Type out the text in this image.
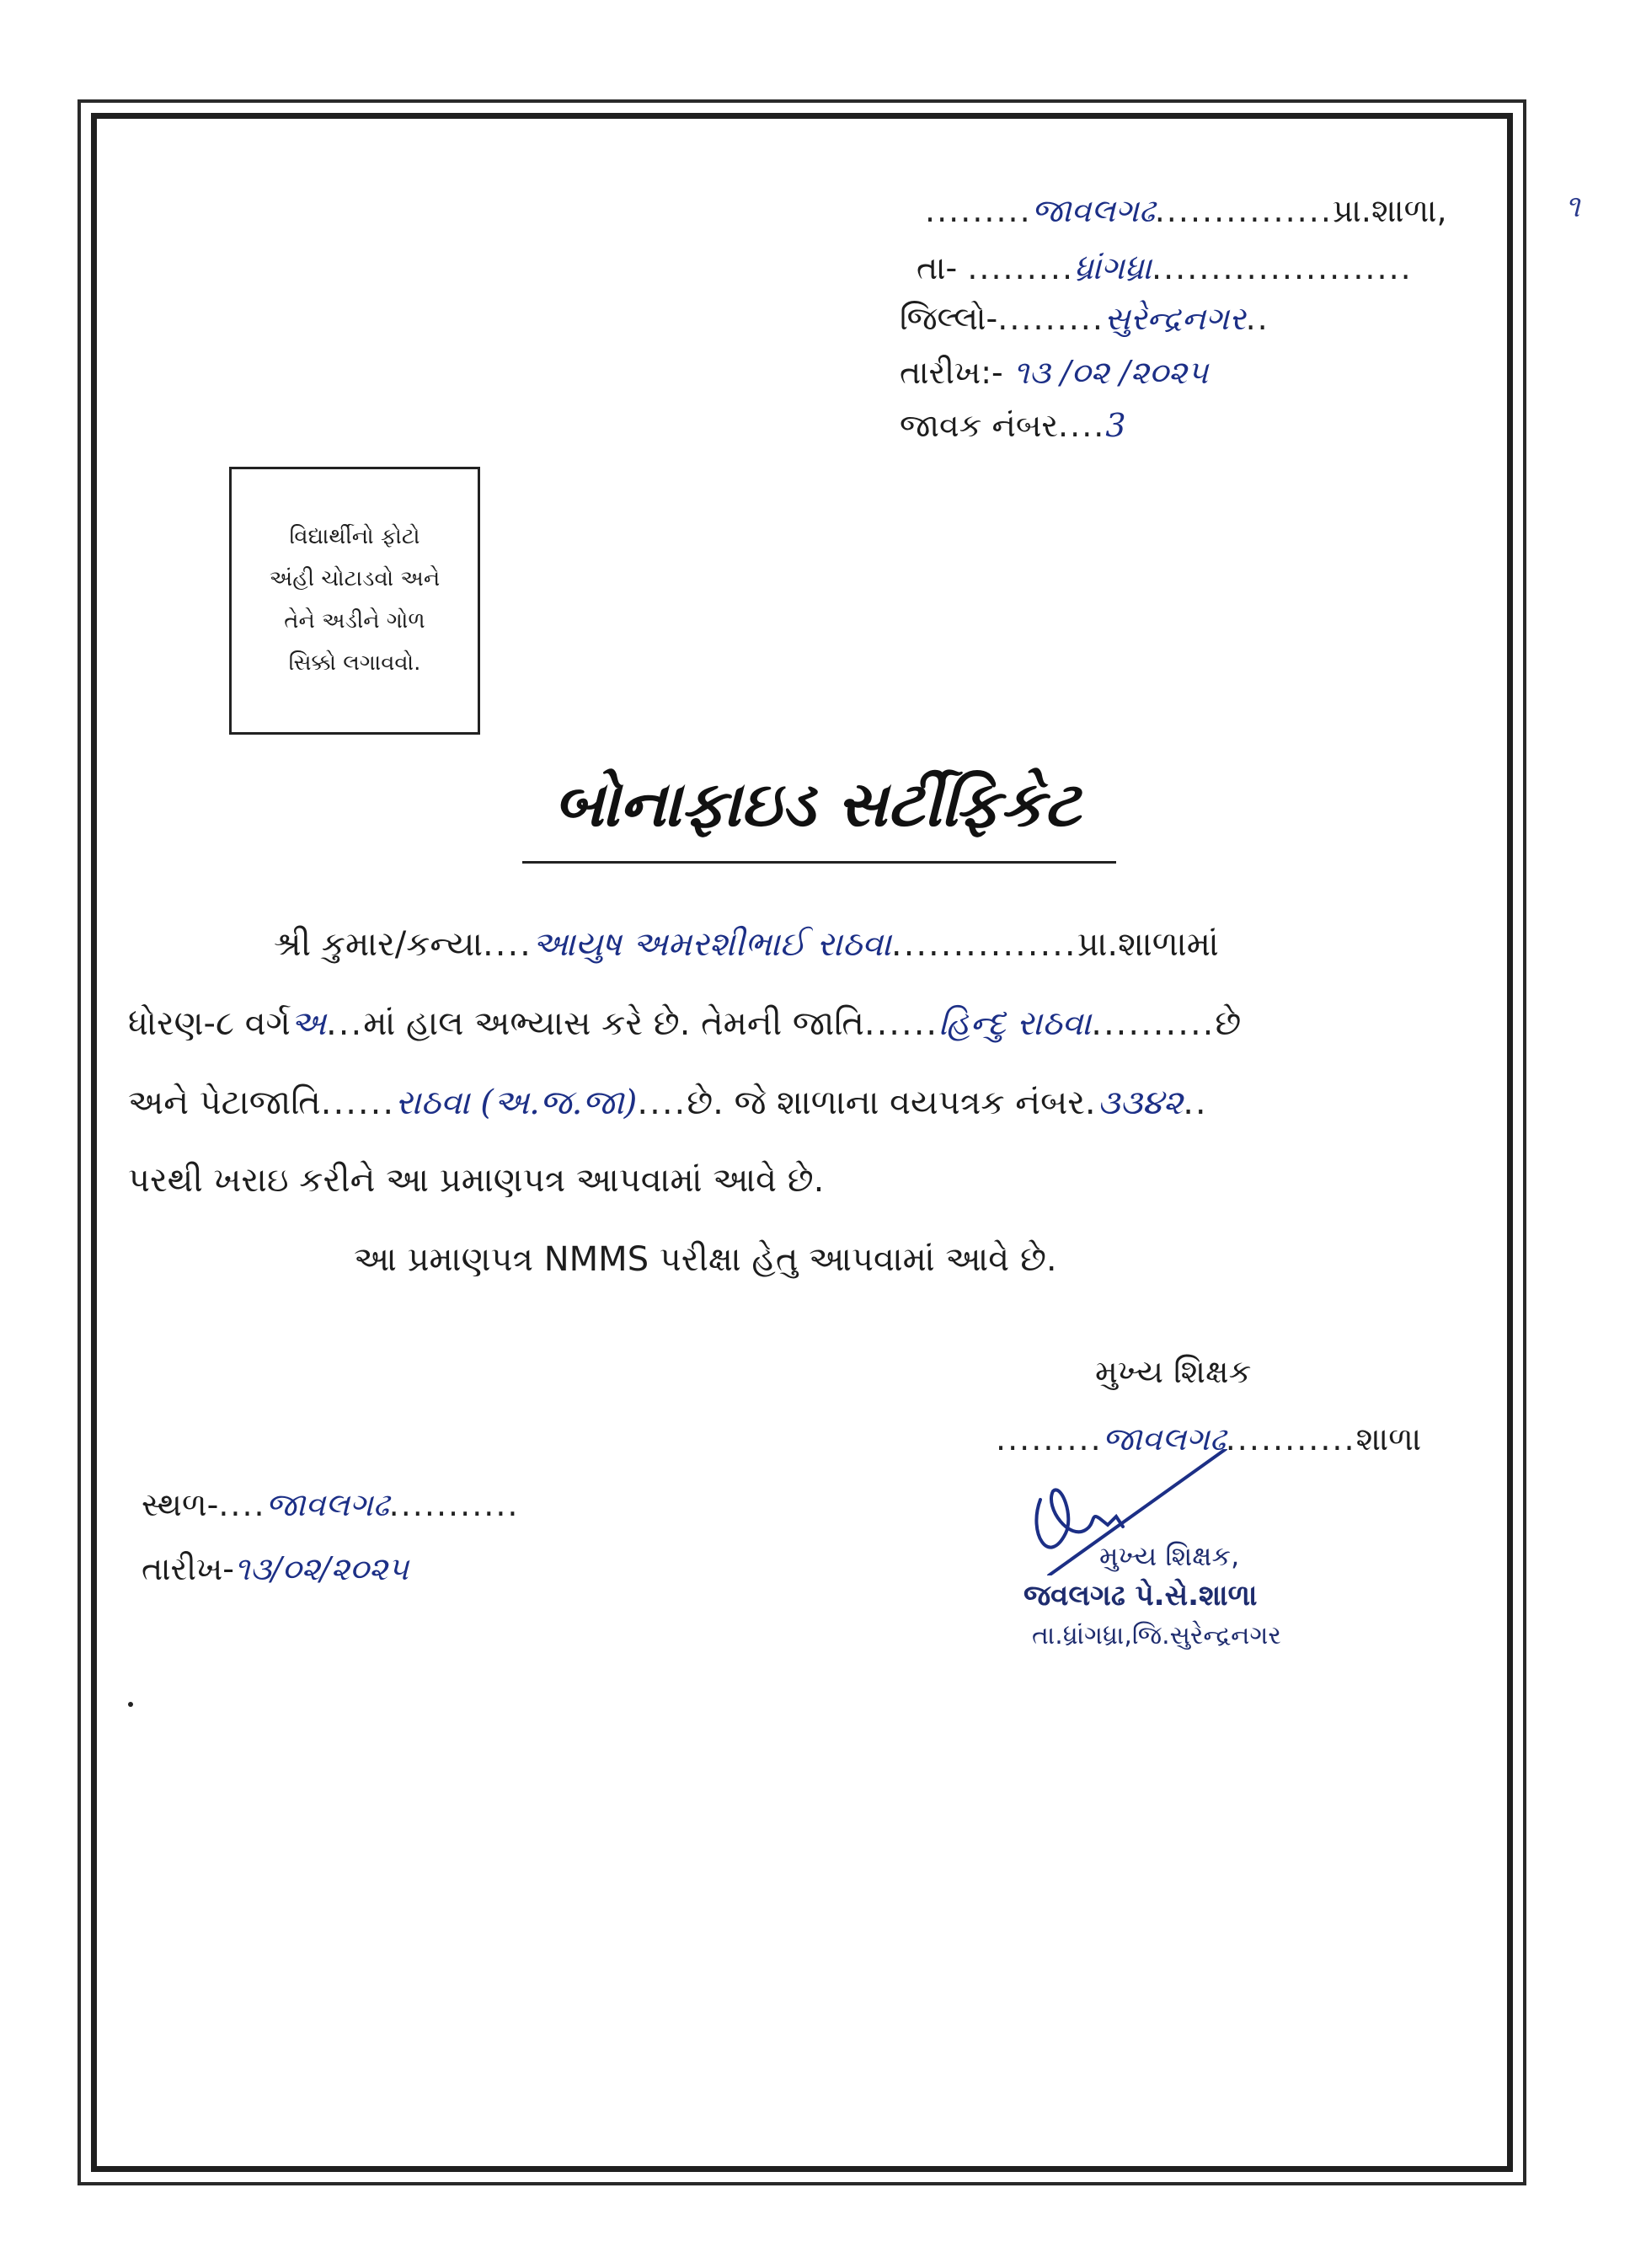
૧
.........જાવલગઢ...............પ્રા.શાળા,
તા- .........ધ્રાંગધ્રા......................
જિલ્લો-.........સુરેન્દ્રનગર..
તારીખ:- ૧૩ /૦૨ /૨૦૨૫
જાવક નંબર....3
વિદ્યાર્થીનો ફોટો
અંહી ચોટાડવો અને
તેને અડીને ગોળ
સિક્કો લગાવવો.
બોનાફાઇડ સર્ટીફિકેટ
શ્રી કુમાર/કન્યા....આયુષ અમરશીભાઈ રાઠવા...............પ્રા.શાળામાં
ધોરણ-૮ વર્ગઅ...માં હાલ અભ્યાસ કરે છે. તેમની જાતિ......હિન્દુ રાઠવા..........છે
અને પેટાજાતિ......રાઠવા (અ.જ.જા)....છે. જે શાળાના વયપત્રક નંબર.૩૩૪૨..
પરથી ખરાઇ કરીને આ પ્રમાણપત્ર આપવામાં આવે છે.
આ પ્રમાણપત્ર NMMS પરીક્ષા હેતુ આપવામાં આવે છે.
મુખ્ય શિક્ષક
.........જાવલગઢ...........શાળા
સ્થળ-....જાવલગઢ...........
તારીખ-૧૩/૦૨/૨૦૨૫	મુખ્ય શિક્ષક,
જવલગઢ પે.સે.શાળા
તા.ધ્રાંગધ્રા,જિ.સુરેન્દ્રનગર
